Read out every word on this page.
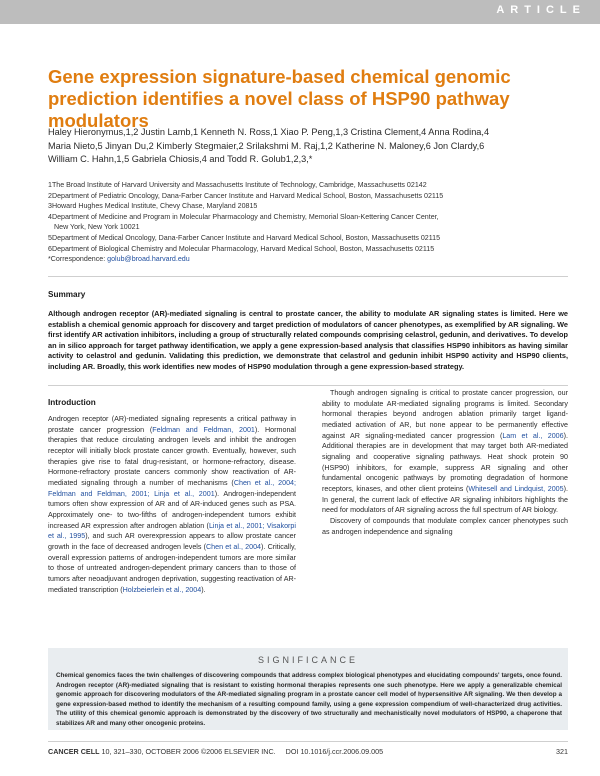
ARTICLE
Gene expression signature-based chemical genomic prediction identifies a novel class of HSP90 pathway modulators
Haley Hieronymus,1,2 Justin Lamb,1 Kenneth N. Ross,1 Xiao P. Peng,1,3 Cristina Clement,4 Anna Rodina,4
Maria Nieto,5 Jinyan Du,2 Kimberly Stegmaier,2 Srilakshmi M. Raj,1,2 Katherine N. Maloney,6 Jon Clardy,6
William C. Hahn,1,5 Gabriela Chiosis,4 and Todd R. Golub1,2,3,*
1The Broad Institute of Harvard University and Massachusetts Institute of Technology, Cambridge, Massachusetts 02142
2Department of Pediatric Oncology, Dana-Farber Cancer Institute and Harvard Medical School, Boston, Massachusetts 02115
3Howard Hughes Medical Institute, Chevy Chase, Maryland 20815
4Department of Medicine and Program in Molecular Pharmacology and Chemistry, Memorial Sloan-Kettering Cancer Center,
New York, New York 10021
5Department of Medical Oncology, Dana-Farber Cancer Institute and Harvard Medical School, Boston, Massachusetts 02115
6Department of Biological Chemistry and Molecular Pharmacology, Harvard Medical School, Boston, Massachusetts 02115
*Correspondence: golub@broad.harvard.edu
Summary
Although androgen receptor (AR)-mediated signaling is central to prostate cancer, the ability to modulate AR signaling states is limited. Here we establish a chemical genomic approach for discovery and target prediction of modulators of cancer phenotypes, as exemplified by AR signaling. We first identify AR activation inhibitors, including a group of structurally related compounds comprising celastrol, gedunin, and derivatives. To develop an in silico approach for target pathway identification, we apply a gene expression-based analysis that classifies HSP90 inhibitors as having similar activity to celastrol and gedunin. Validating this prediction, we demonstrate that celastrol and gedunin inhibit HSP90 activity and HSP90 clients, including AR. Broadly, this work identifies new modes of HSP90 modulation through a gene expression-based strategy.
Introduction

Androgen receptor (AR)-mediated signaling represents a critical pathway in prostate cancer progression (Feldman and Feldman, 2001). Hormonal therapies that reduce circulating androgen levels and inhibit the androgen receptor will initially block prostate cancer growth. Eventually, however, such therapies give rise to fatal drug-resistant, or hormone-refractory, disease. Hormone-refractory prostate cancers commonly show reactivation of AR-mediated signaling through a number of mechanisms (Chen et al., 2004; Feldman and Feldman, 2001; Linja et al., 2001). Androgen-independent tumors often show expression of AR and of AR-induced genes such as PSA. Approximately one- to two-fifths of androgen-independent tumors exhibit increased AR expression after androgen ablation (Linja et al., 2001; Visakorpi et al., 1995), and such AR overexpression appears to allow prostate cancer growth in the face of decreased androgen levels (Chen et al., 2004). Critically, overall expression patterns of androgen-independent tumors are more similar to those of untreated androgen-dependent primary cancers than to those of tumors after neoadjuvant androgen deprivation, suggesting reactivation of AR-mediated transcription (Holzbeierlein et al., 2004).

Though androgen signaling is critical to prostate cancer progression, our ability to modulate AR-mediated signaling programs is limited. Secondary hormonal therapies beyond androgen ablation primarily target ligand-mediated activation of AR, but none appear to be permanently effective against AR signaling-mediated cancer progression (Lam et al., 2006). Additional therapies are in development that may target both AR-mediated signaling and cooperative signaling pathways. Heat shock protein 90 (HSP90) inhibitors, for example, suppress AR signaling and other fundamental oncogenic pathways by promoting degradation of hormone receptors, kinases, and other client proteins (Whitesell and Lindquist, 2005). In general, the current lack of effective AR signaling inhibitors highlights the need for modulators of AR signaling across the full spectrum of AR biology.

Discovery of compounds that modulate complex cancer phenotypes such as androgen independence and signaling

SIGNIFICANCE
Chemical genomics faces the twin challenges of discovering compounds that address complex biological phenotypes and elucidating compounds' targets, once found. Androgen receptor (AR)-mediated signaling that is resistant to existing hormonal therapies represents one such phenotype. Here we apply a generalizable chemical genomic approach for discovering modulators of the AR-mediated signaling program in a prostate cancer cell model of hypersensitive AR signaling. We then develop a gene expression-based method to identify the mechanism of a resulting compound family, using a gene expression compendium of well-characterized drug activities. The utility of this chemical genomic approach is demonstrated by the discovery of two structurally and mechanistically novel modulators of HSP90, a chaperone that stabilizes AR and many other oncogenic proteins.
CANCER CELL 10, 321–330, OCTOBER 2006 ©2006 ELSEVIER INC.     DOI 10.1016/j.ccr.2006.09.005	321
